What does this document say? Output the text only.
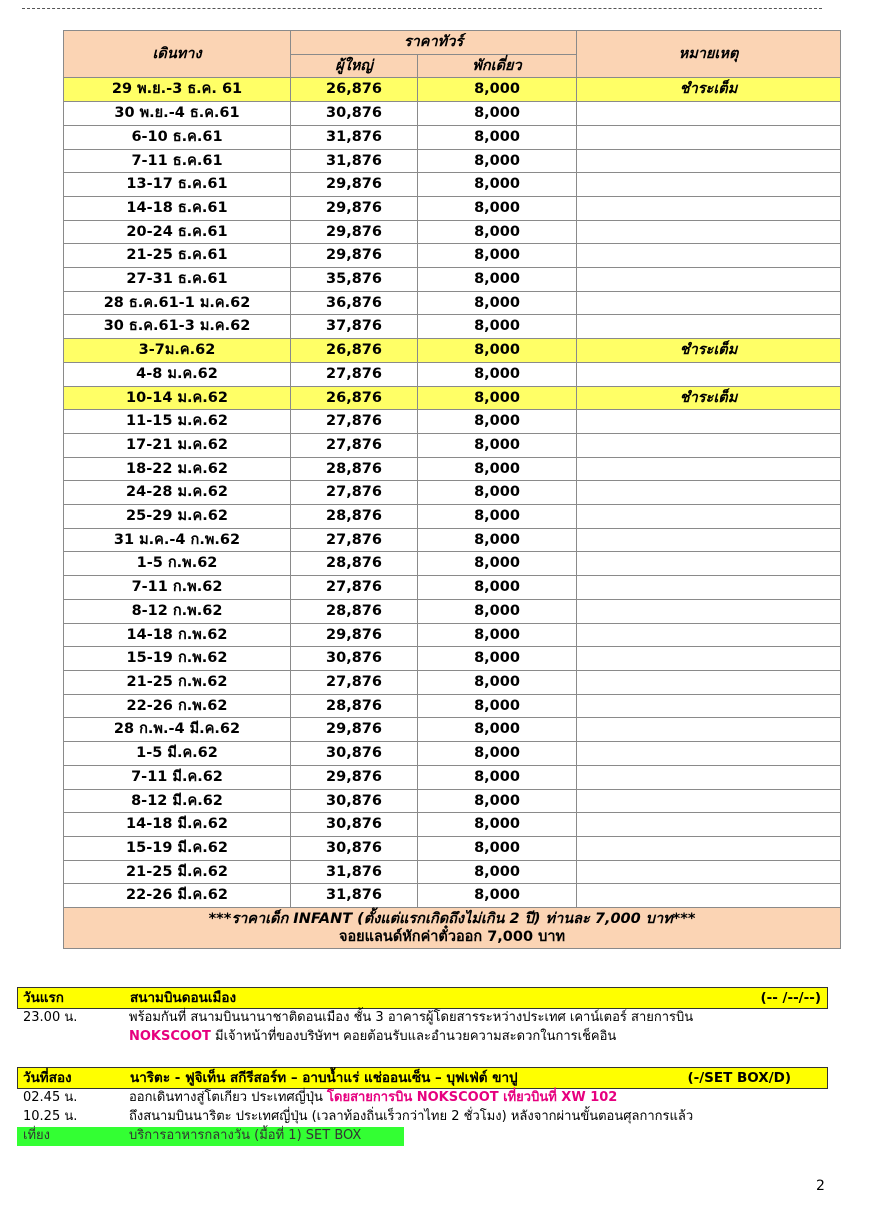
เดินทาง	ราคาทัวร์		หมายเหตุ
	ผู้ใหญ่	พักเดี่ยว	
29 พ.ย.-3 ธ.ค. 61	26,876	8,000	ชำระเต็ม
30 พ.ย.-4 ธ.ค.61	30,876	8,000	
6-10 ธ.ค.61	31,876	8,000	
7-11 ธ.ค.61	31,876	8,000	
13-17 ธ.ค.61	29,876	8,000	
14-18 ธ.ค.61	29,876	8,000	
20-24 ธ.ค.61	29,876	8,000	
21-25 ธ.ค.61	29,876	8,000	
27-31 ธ.ค.61	35,876	8,000	
28 ธ.ค.61-1 ม.ค.62	36,876	8,000	
30 ธ.ค.61-3 ม.ค.62	37,876	8,000	
3-7ม.ค.62	26,876	8,000	ชำระเต็ม
4-8 ม.ค.62	27,876	8,000	
10-14 ม.ค.62	26,876	8,000	ชำระเต็ม
11-15 ม.ค.62	27,876	8,000	
17-21 ม.ค.62	27,876	8,000	
18-22 ม.ค.62	28,876	8,000	
24-28 ม.ค.62	27,876	8,000	
25-29 ม.ค.62	28,876	8,000	
31 ม.ค.-4 ก.พ.62	27,876	8,000	
1-5 ก.พ.62	28,876	8,000	
7-11 ก.พ.62	27,876	8,000	
8-12 ก.พ.62	28,876	8,000	
14-18 ก.พ.62	29,876	8,000	
15-19 ก.พ.62	30,876	8,000	
21-25 ก.พ.62	27,876	8,000	
22-26 ก.พ.62	28,876	8,000	
28 ก.พ.-4 มี.ค.62	29,876	8,000	
1-5 มี.ค.62	30,876	8,000	
7-11 มี.ค.62	29,876	8,000	
8-12 มี.ค.62	30,876	8,000	
14-18 มี.ค.62	30,876	8,000	
15-19 มี.ค.62	30,876	8,000	
21-25 มี.ค.62	31,876	8,000	
22-26 มี.ค.62	31,876	8,000	

***ราคาเด็ก INFANT (ตั้งแต่แรกเกิดถึงไม่เกิน 2 ปี) ท่านละ 7,000 บาท***
จอยแลนด์หักค่าตั๋วออก 7,000 บาท			
วันแรก	สนามบินดอนเมือง	(-- /--/--)
23.00 น.	พร้อมกันที่ สนามบินนานาชาติดอนเมือง ชั้น 3 อาคารผู้โดยสารระหว่างประเทศ เคาน์เตอร์ สายการบิน
NOKSCOOT มีเจ้าหน้าที่ของบริษัทฯ คอยต้อนรับและอำนวยความสะดวกในการเช็คอิน
วันที่สอง	นาริตะ - ฟูจิเท็น สกีรีสอร์ท – อาบน้ำแร่ แช่ออนเซ็น – บุฟเฟ่ต์ ขาปู	(-/SET BOX/D)
02.45 น.	ออกเดินทางสู่โตเกียว ประเทศญี่ปุ่น โดยสายการบิน NOKSCOOT เที่ยวบินที่ XW 102
10.25 น.	ถึงสนามบินนาริตะ ประเทศญี่ปุ่น (เวลาท้องถิ่นเร็วกว่าไทย 2 ชั่วโมง) หลังจากผ่านขั้นตอนศุลกากรแล้ว
เที่ยง	บริการอาหารกลางวัน (มื้อที่ 1) SET BOX
2
